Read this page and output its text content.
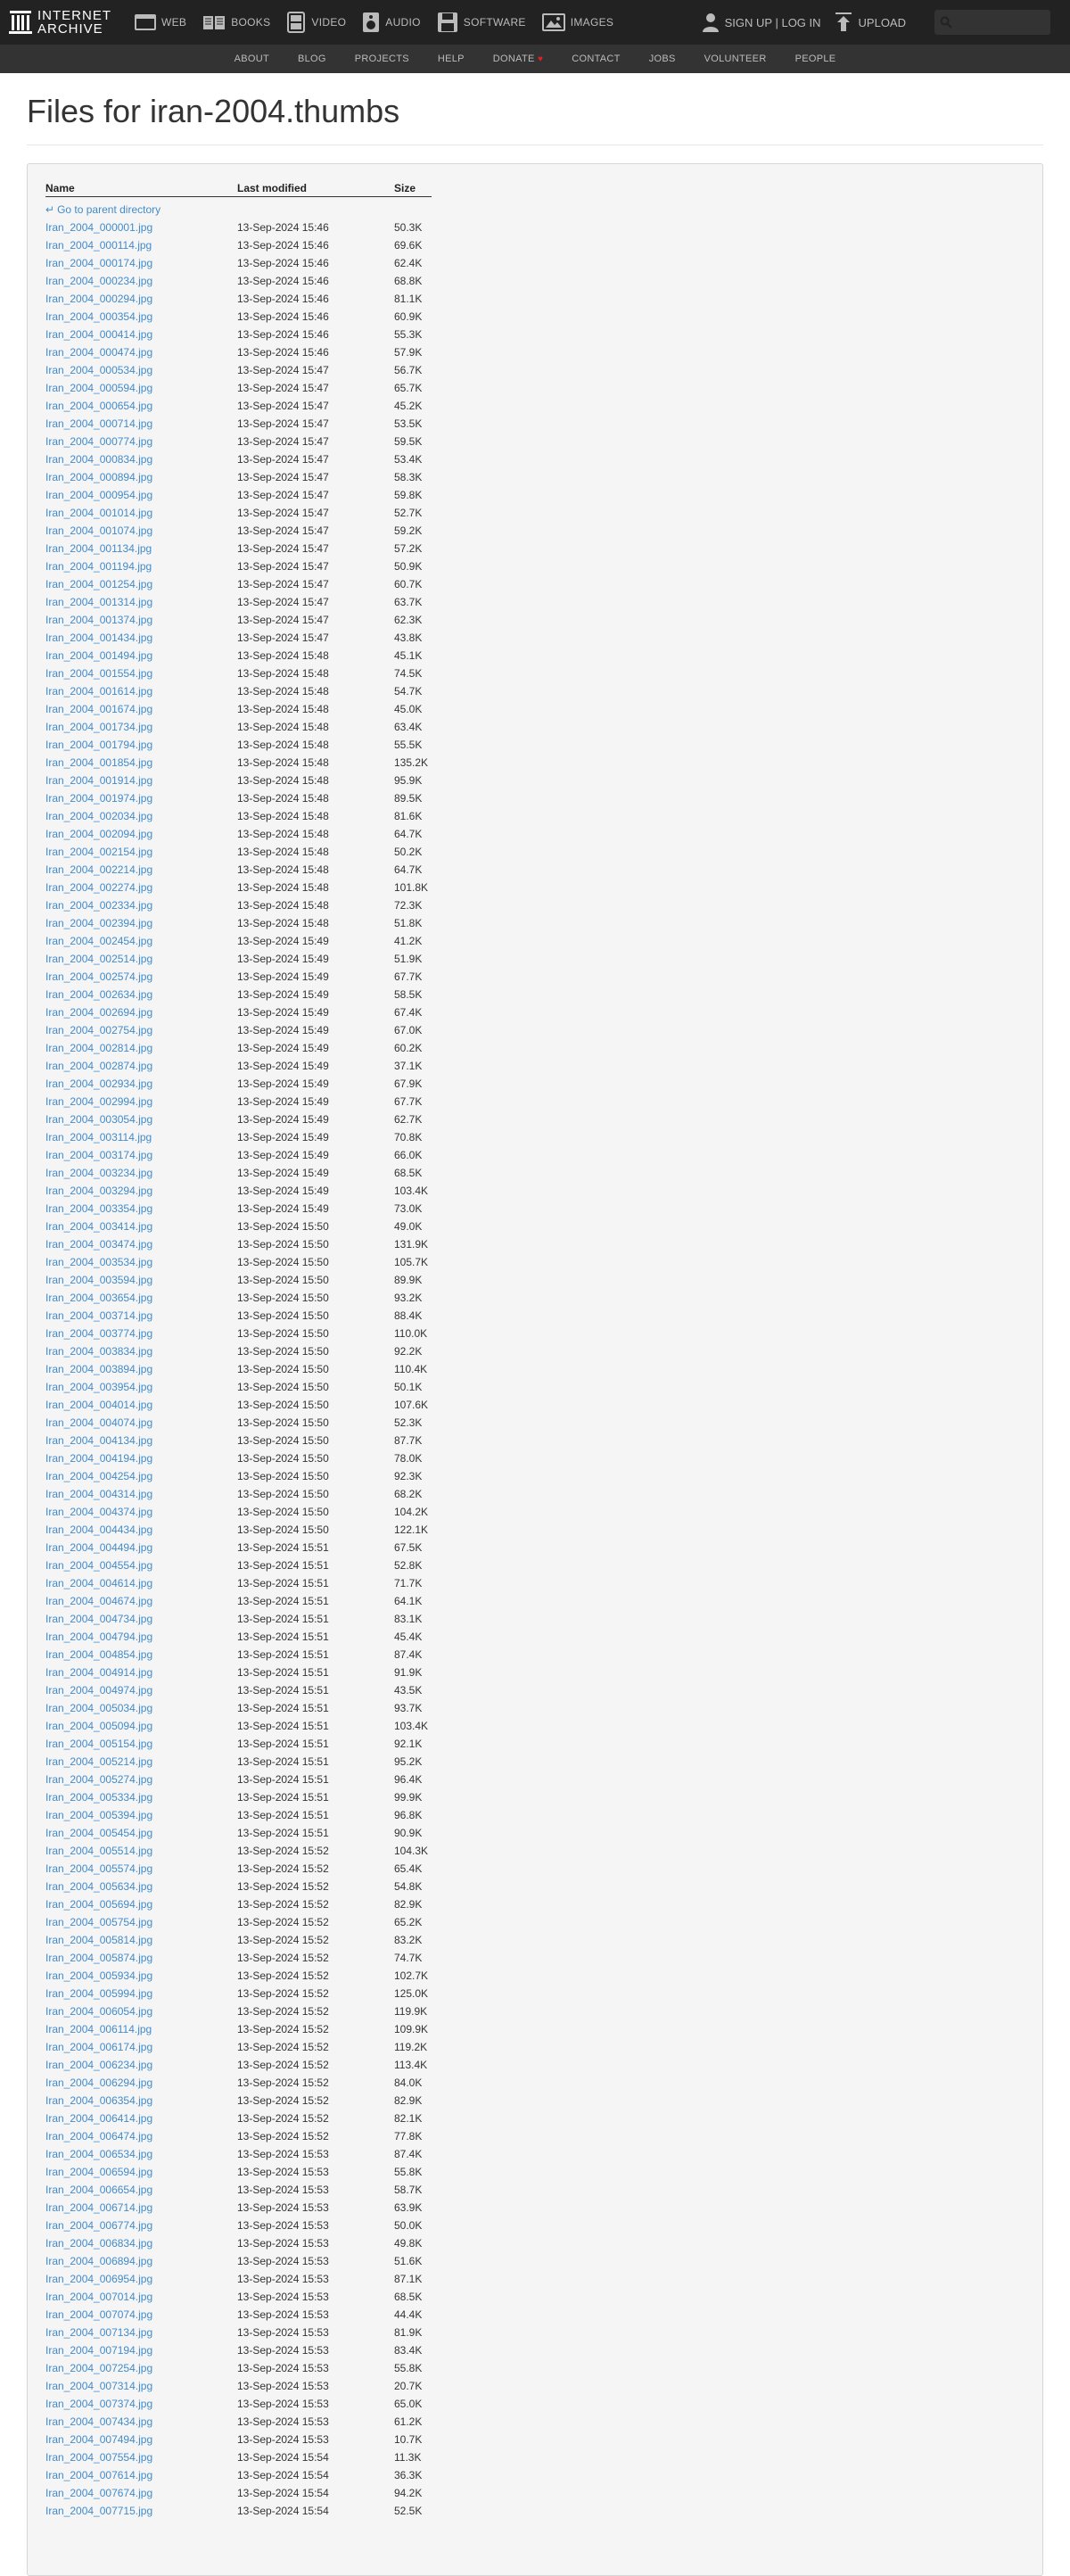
INTERNET
ARCHIVE	WEB	BOOKS	VIDEO	AUDIO	SOFTWARE	IMAGES	SIGN UP | LOG IN	UPLOAD
ABOUT	BLOG	PROJECTS	HELP	DONATE ♥	CONTACT	JOBS	VOLUNTEER	PEOPLE
Files for iran-2004.thumbs
Name	Last modified	Size
↵ Go to parent directory		
Iran_2004_000001.jpg	13-Sep-2024 15:46	50.3K
Iran_2004_000114.jpg	13-Sep-2024 15:46	69.6K
Iran_2004_000174.jpg	13-Sep-2024 15:46	62.4K
Iran_2004_000234.jpg	13-Sep-2024 15:46	68.8K
Iran_2004_000294.jpg	13-Sep-2024 15:46	81.1K
Iran_2004_000354.jpg	13-Sep-2024 15:46	60.9K
Iran_2004_000414.jpg	13-Sep-2024 15:46	55.3K
Iran_2004_000474.jpg	13-Sep-2024 15:46	57.9K
Iran_2004_000534.jpg	13-Sep-2024 15:47	56.7K
Iran_2004_000594.jpg	13-Sep-2024 15:47	65.7K
Iran_2004_000654.jpg	13-Sep-2024 15:47	45.2K
Iran_2004_000714.jpg	13-Sep-2024 15:47	53.5K
Iran_2004_000774.jpg	13-Sep-2024 15:47	59.5K
Iran_2004_000834.jpg	13-Sep-2024 15:47	53.4K
Iran_2004_000894.jpg	13-Sep-2024 15:47	58.3K
Iran_2004_000954.jpg	13-Sep-2024 15:47	59.8K
Iran_2004_001014.jpg	13-Sep-2024 15:47	52.7K
Iran_2004_001074.jpg	13-Sep-2024 15:47	59.2K
Iran_2004_001134.jpg	13-Sep-2024 15:47	57.2K
Iran_2004_001194.jpg	13-Sep-2024 15:47	50.9K
Iran_2004_001254.jpg	13-Sep-2024 15:47	60.7K
Iran_2004_001314.jpg	13-Sep-2024 15:47	63.7K
Iran_2004_001374.jpg	13-Sep-2024 15:47	62.3K
Iran_2004_001434.jpg	13-Sep-2024 15:47	43.8K
Iran_2004_001494.jpg	13-Sep-2024 15:48	45.1K
Iran_2004_001554.jpg	13-Sep-2024 15:48	74.5K
Iran_2004_001614.jpg	13-Sep-2024 15:48	54.7K
Iran_2004_001674.jpg	13-Sep-2024 15:48	45.0K
Iran_2004_001734.jpg	13-Sep-2024 15:48	63.4K
Iran_2004_001794.jpg	13-Sep-2024 15:48	55.5K
Iran_2004_001854.jpg	13-Sep-2024 15:48	135.2K
Iran_2004_001914.jpg	13-Sep-2024 15:48	95.9K
Iran_2004_001974.jpg	13-Sep-2024 15:48	89.5K
Iran_2004_002034.jpg	13-Sep-2024 15:48	81.6K
Iran_2004_002094.jpg	13-Sep-2024 15:48	64.7K
Iran_2004_002154.jpg	13-Sep-2024 15:48	50.2K
Iran_2004_002214.jpg	13-Sep-2024 15:48	64.7K
Iran_2004_002274.jpg	13-Sep-2024 15:48	101.8K
Iran_2004_002334.jpg	13-Sep-2024 15:48	72.3K
Iran_2004_002394.jpg	13-Sep-2024 15:48	51.8K
Iran_2004_002454.jpg	13-Sep-2024 15:49	41.2K
Iran_2004_002514.jpg	13-Sep-2024 15:49	51.9K
Iran_2004_002574.jpg	13-Sep-2024 15:49	67.7K
Iran_2004_002634.jpg	13-Sep-2024 15:49	58.5K
Iran_2004_002694.jpg	13-Sep-2024 15:49	67.4K
Iran_2004_002754.jpg	13-Sep-2024 15:49	67.0K
Iran_2004_002814.jpg	13-Sep-2024 15:49	60.2K
Iran_2004_002874.jpg	13-Sep-2024 15:49	37.1K
Iran_2004_002934.jpg	13-Sep-2024 15:49	67.9K
Iran_2004_002994.jpg	13-Sep-2024 15:49	67.7K
Iran_2004_003054.jpg	13-Sep-2024 15:49	62.7K
Iran_2004_003114.jpg	13-Sep-2024 15:49	70.8K
Iran_2004_003174.jpg	13-Sep-2024 15:49	66.0K
Iran_2004_003234.jpg	13-Sep-2024 15:49	68.5K
Iran_2004_003294.jpg	13-Sep-2024 15:49	103.4K
Iran_2004_003354.jpg	13-Sep-2024 15:49	73.0K
Iran_2004_003414.jpg	13-Sep-2024 15:50	49.0K
Iran_2004_003474.jpg	13-Sep-2024 15:50	131.9K
Iran_2004_003534.jpg	13-Sep-2024 15:50	105.7K
Iran_2004_003594.jpg	13-Sep-2024 15:50	89.9K
Iran_2004_003654.jpg	13-Sep-2024 15:50	93.2K
Iran_2004_003714.jpg	13-Sep-2024 15:50	88.4K
Iran_2004_003774.jpg	13-Sep-2024 15:50	110.0K
Iran_2004_003834.jpg	13-Sep-2024 15:50	92.2K
Iran_2004_003894.jpg	13-Sep-2024 15:50	110.4K
Iran_2004_003954.jpg	13-Sep-2024 15:50	50.1K
Iran_2004_004014.jpg	13-Sep-2024 15:50	107.6K
Iran_2004_004074.jpg	13-Sep-2024 15:50	52.3K
Iran_2004_004134.jpg	13-Sep-2024 15:50	87.7K
Iran_2004_004194.jpg	13-Sep-2024 15:50	78.0K
Iran_2004_004254.jpg	13-Sep-2024 15:50	92.3K
Iran_2004_004314.jpg	13-Sep-2024 15:50	68.2K
Iran_2004_004374.jpg	13-Sep-2024 15:50	104.2K
Iran_2004_004434.jpg	13-Sep-2024 15:50	122.1K
Iran_2004_004494.jpg	13-Sep-2024 15:51	67.5K
Iran_2004_004554.jpg	13-Sep-2024 15:51	52.8K
Iran_2004_004614.jpg	13-Sep-2024 15:51	71.7K
Iran_2004_004674.jpg	13-Sep-2024 15:51	64.1K
Iran_2004_004734.jpg	13-Sep-2024 15:51	83.1K
Iran_2004_004794.jpg	13-Sep-2024 15:51	45.4K
Iran_2004_004854.jpg	13-Sep-2024 15:51	87.4K
Iran_2004_004914.jpg	13-Sep-2024 15:51	91.9K
Iran_2004_004974.jpg	13-Sep-2024 15:51	43.5K
Iran_2004_005034.jpg	13-Sep-2024 15:51	93.7K
Iran_2004_005094.jpg	13-Sep-2024 15:51	103.4K
Iran_2004_005154.jpg	13-Sep-2024 15:51	92.1K
Iran_2004_005214.jpg	13-Sep-2024 15:51	95.2K
Iran_2004_005274.jpg	13-Sep-2024 15:51	96.4K
Iran_2004_005334.jpg	13-Sep-2024 15:51	99.9K
Iran_2004_005394.jpg	13-Sep-2024 15:51	96.8K
Iran_2004_005454.jpg	13-Sep-2024 15:51	90.9K
Iran_2004_005514.jpg	13-Sep-2024 15:52	104.3K
Iran_2004_005574.jpg	13-Sep-2024 15:52	65.4K
Iran_2004_005634.jpg	13-Sep-2024 15:52	54.8K
Iran_2004_005694.jpg	13-Sep-2024 15:52	82.9K
Iran_2004_005754.jpg	13-Sep-2024 15:52	65.2K
Iran_2004_005814.jpg	13-Sep-2024 15:52	83.2K
Iran_2004_005874.jpg	13-Sep-2024 15:52	74.7K
Iran_2004_005934.jpg	13-Sep-2024 15:52	102.7K
Iran_2004_005994.jpg	13-Sep-2024 15:52	125.0K
Iran_2004_006054.jpg	13-Sep-2024 15:52	119.9K
Iran_2004_006114.jpg	13-Sep-2024 15:52	109.9K
Iran_2004_006174.jpg	13-Sep-2024 15:52	119.2K
Iran_2004_006234.jpg	13-Sep-2024 15:52	113.4K
Iran_2004_006294.jpg	13-Sep-2024 15:52	84.0K
Iran_2004_006354.jpg	13-Sep-2024 15:52	82.9K
Iran_2004_006414.jpg	13-Sep-2024 15:52	82.1K
Iran_2004_006474.jpg	13-Sep-2024 15:52	77.8K
Iran_2004_006534.jpg	13-Sep-2024 15:53	87.4K
Iran_2004_006594.jpg	13-Sep-2024 15:53	55.8K
Iran_2004_006654.jpg	13-Sep-2024 15:53	58.7K
Iran_2004_006714.jpg	13-Sep-2024 15:53	63.9K
Iran_2004_006774.jpg	13-Sep-2024 15:53	50.0K
Iran_2004_006834.jpg	13-Sep-2024 15:53	49.8K
Iran_2004_006894.jpg	13-Sep-2024 15:53	51.6K
Iran_2004_006954.jpg	13-Sep-2024 15:53	87.1K
Iran_2004_007014.jpg	13-Sep-2024 15:53	68.5K
Iran_2004_007074.jpg	13-Sep-2024 15:53	44.4K
Iran_2004_007134.jpg	13-Sep-2024 15:53	81.9K
Iran_2004_007194.jpg	13-Sep-2024 15:53	83.4K
Iran_2004_007254.jpg	13-Sep-2024 15:53	55.8K
Iran_2004_007314.jpg	13-Sep-2024 15:53	20.7K
Iran_2004_007374.jpg	13-Sep-2024 15:53	65.0K
Iran_2004_007434.jpg	13-Sep-2024 15:53	61.2K
Iran_2004_007494.jpg	13-Sep-2024 15:53	10.7K
Iran_2004_007554.jpg	13-Sep-2024 15:54	11.3K
Iran_2004_007614.jpg	13-Sep-2024 15:54	36.3K
Iran_2004_007674.jpg	13-Sep-2024 15:54	94.2K
Iran_2004_007715.jpg	13-Sep-2024 15:54	52.5K
